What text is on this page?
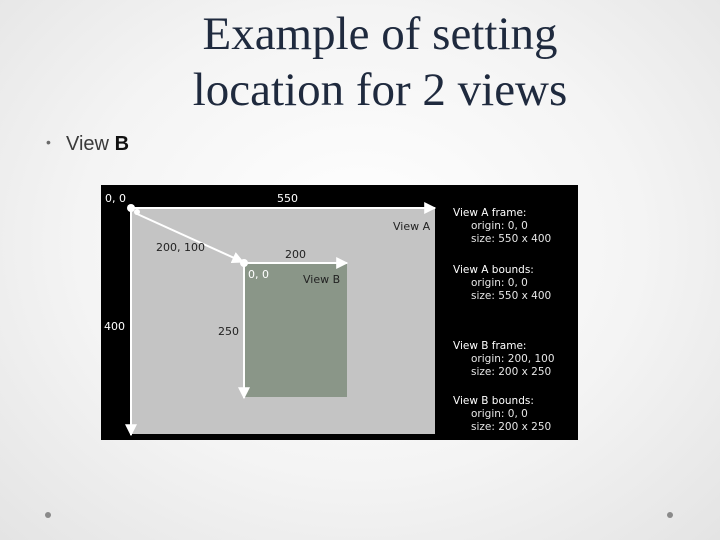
Example of setting
location for 2 views
• View B
0, 0	550
400
View A
200, 100
200
0, 0	View B
250
View A frame:
origin: 0, 0
size: 550 x 400
View A bounds:
origin: 0, 0
size: 550 x 400
View B frame:
origin: 200, 100
size: 200 x 250
View B bounds:
origin: 0, 0
size: 200 x 250
